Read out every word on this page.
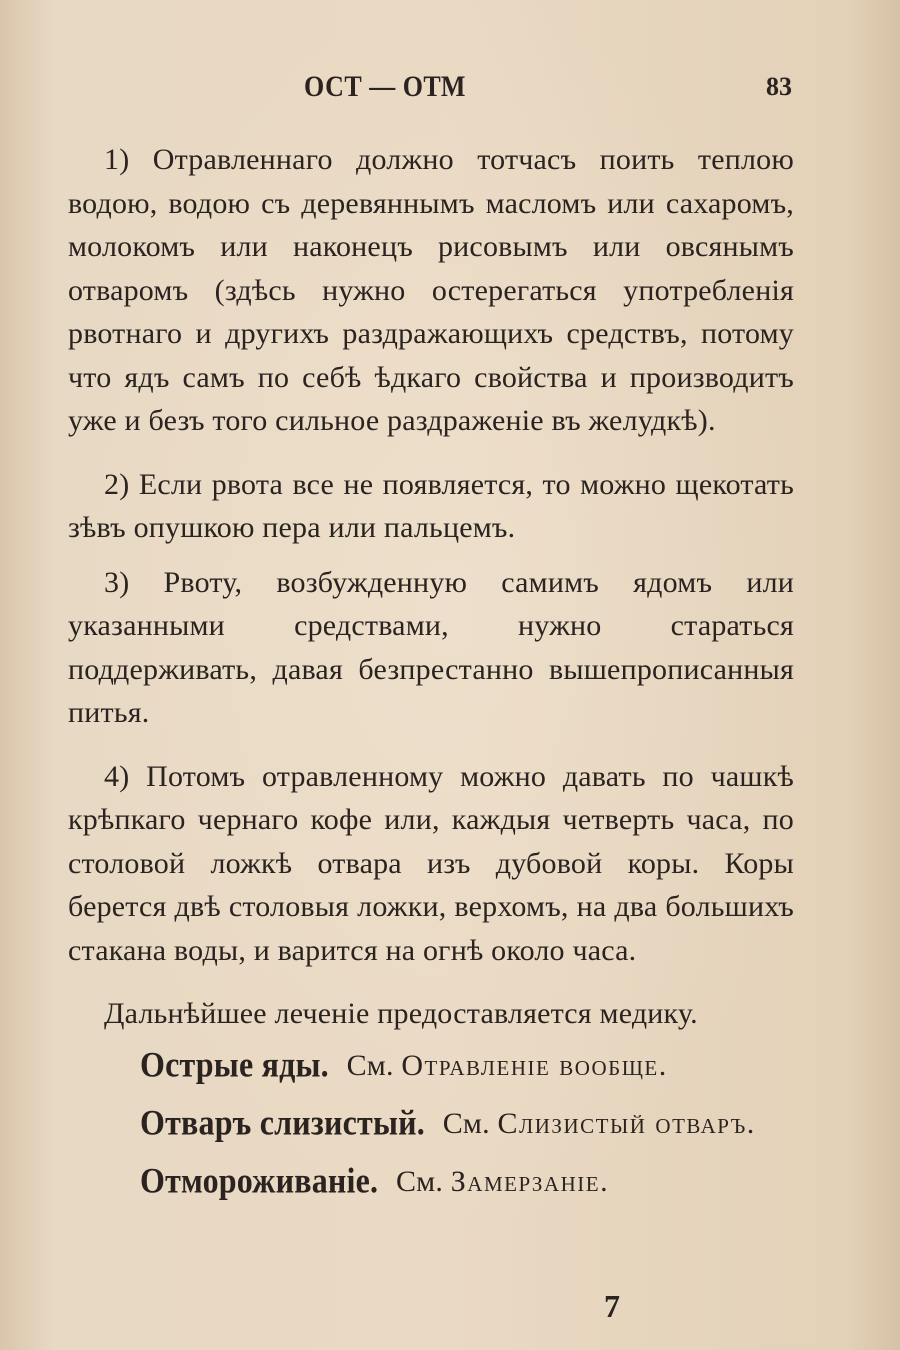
ОСТ — ОТМ	83

1) Отравленнаго должно тотчасъ поить теплою водою, водою съ деревяннымъ масломъ или сахаромъ, молокомъ или наконецъ рисовымъ или овсянымъ отваромъ (здѣсь нужно остерегаться употребленія рвотнаго и другихъ раздражающихъ средствъ, потому что ядъ самъ по себѣ ѣдкаго свойства и производитъ уже и безъ того сильное раздраженіе въ желудкѣ).

2) Если рвота все не появляется, то можно щекотать зѣвъ опушкою пера или пальцемъ.

3) Рвоту, возбужденную самимъ ядомъ или указанными средствами, нужно стараться поддерживать, давая безпрестанно вышепрописанныя питья.

4) Потомъ отравленному можно давать по чашкѣ крѣпкаго чернаго кофе или, каждыя четверть часа, по столовой ложкѣ отвара изъ дубовой коры. Коры берется двѣ столовыя ложки, верхомъ, на два большихъ стакана воды, и варится на огнѣ около часа.

Дальнѣйшее леченіе предоставляется медику.

Острые яды. См. Отравленіе вообще.

Отваръ слизистый. См. Слизистый отваръ.

Отмороживаніе. См. Замерзаніе.

7
